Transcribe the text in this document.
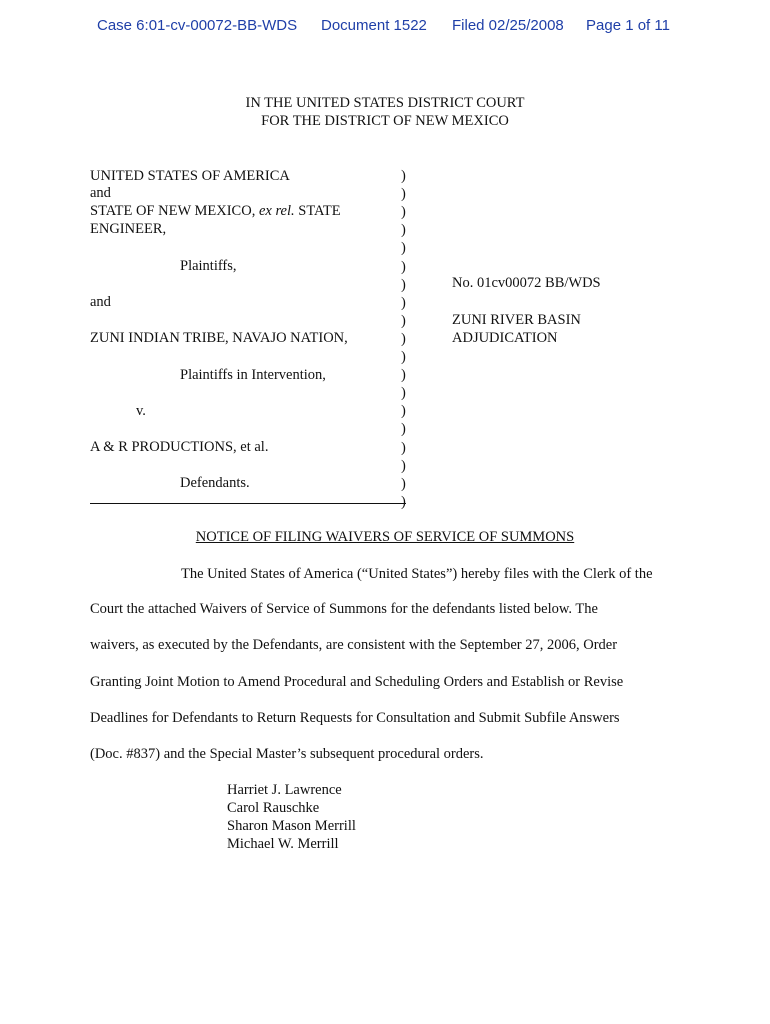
Case 6:01-cv-00072-BB-WDS Document 1522 Filed 02/25/2008 Page 1 of 11
IN THE UNITED STATES DISTRICT COURT
FOR THE DISTRICT OF NEW MEXICO
UNITED STATES OF AMERICA
and
STATE OF NEW MEXICO, ex rel. STATE
ENGINEER,
Plaintiffs,
and
ZUNI INDIAN TRIBE, NAVAJO NATION,
Plaintiffs in Intervention,
v.
A & R PRODUCTIONS, et al.
Defendants.
)
)
)
)
)
)
)
)
)
)
)
)
)
)
)
)
)
)
)
No. 01cv00072 BB/WDS
ZUNI RIVER BASIN
ADJUDICATION
NOTICE OF FILING WAIVERS OF SERVICE OF SUMMONS
The United States of America (“United States”) hereby files with the Clerk of the
Court the attached Waivers of Service of Summons for the defendants listed below. The
waivers, as executed by the Defendants, are consistent with the September 27, 2006, Order
Granting Joint Motion to Amend Procedural and Scheduling Orders and Establish or Revise
Deadlines for Defendants to Return Requests for Consultation and Submit Subfile Answers
(Doc. #837) and the Special Master’s subsequent procedural orders.
Harriet J. Lawrence
Carol Rauschke
Sharon Mason Merrill
Michael W. Merrill
